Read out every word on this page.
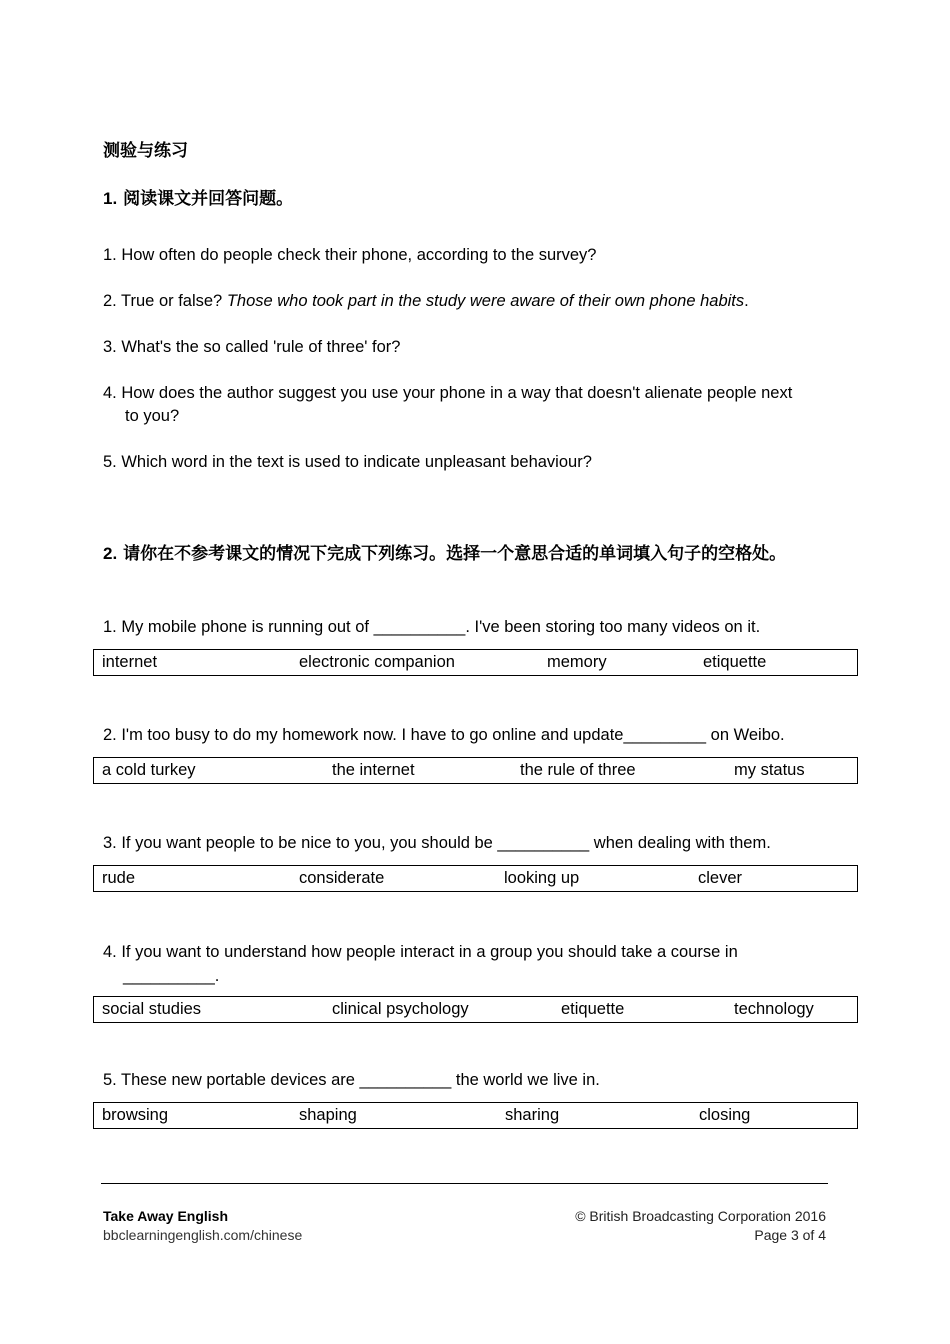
测验与练习
1. 阅读课文并回答问题。
1. How often do people check their phone, according to the survey?
2. True or false? Those who took part in the study were aware of their own phone habits.
3. What's the so called 'rule of three' for?
4. How does the author suggest you use your phone in a way that doesn't alienate people next
to you?
5. Which word in the text is used to indicate unpleasant behaviour?
2. 请你在不参考课文的情况下完成下列练习。选择一个意思合适的单词填入句子的空格处。
1. My mobile phone is running out of __________. I've been storing too many videos on it.
internet	electronic companion	memory	etiquette
2. I'm too busy to do my homework now. I have to go online and update_________ on Weibo.
a cold turkey	the internet	the rule of three	my status
3. If you want people to be nice to you, you should be __________ when dealing with them.
rude	considerate	looking up	clever
4. If you want to understand how people interact in a group you should take a course in
__________.
social studies	clinical psychology	etiquette	technology
5. These new portable devices are __________ the world we live in.
browsing	shaping	sharing	closing
Take Away English
bbclearningenglish.com/chinese
© British Broadcasting Corporation 2016
Page 3 of 4
